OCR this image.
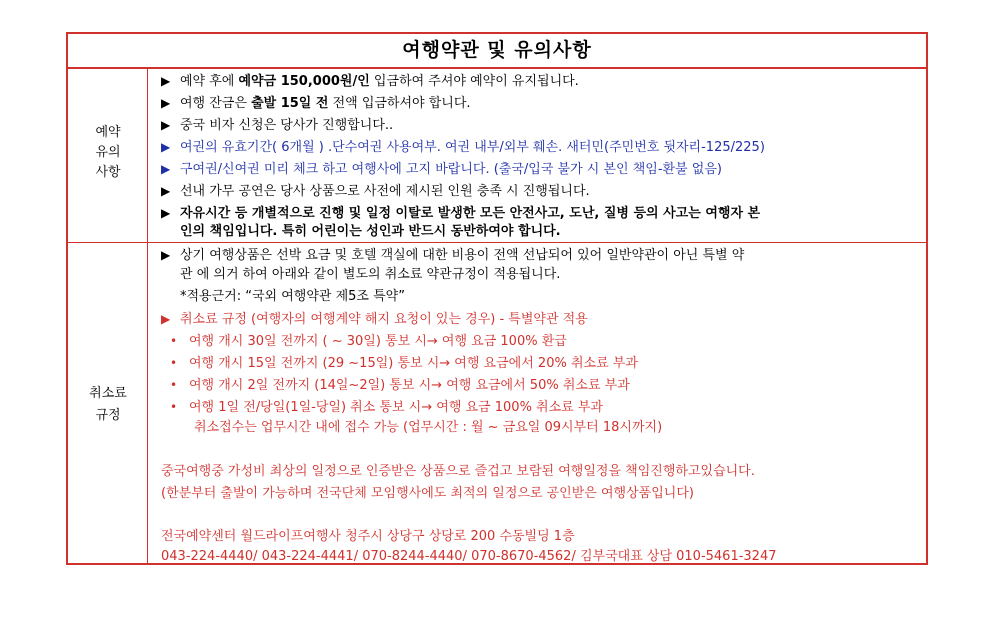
여행약관 및 유의사항
예약
유의
사항
▶ 예약 후에 예약금 150,000원/인 입금하여 주셔야 예약이 유지됩니다.
▶ 여행 잔금은 출발 15일 전 전액 입금하셔야 합니다.
▶ 중국 비자 신청은 당사가 진행합니다..
▶ 여권의 유효기간( 6개월 ) .단수여권 사용여부. 여권 내부/외부 훼손. 새터민(주민번호 뒷자리-125/225)
▶ 구여권/신여권 미리 체크 하고 여행사에 고지 바랍니다. (출국/입국 불가 시 본인 책임-환불 없음)
▶ 선내 가무 공연은 당사 상품으로 사전에 제시된 인원 충족 시 진행됩니다.
▶ 자유시간 등 개별적으로 진행 및 일정 이탈로 발생한 모든 안전사고, 도난, 질병 등의 사고는 여행자 본
인의 책임입니다. 특히 어린이는 성인과 반드시 동반하여야 합니다.
취소료
규정
▶ 상기 여행상품은 선박 요금 및 호텔 객실에 대한 비용이 전액 선납되어 있어 일반약관이 아닌 특별 약
관 에 의거 하여 아래와 같이 별도의 취소료 약관규정이 적용됩니다.
*적용근거: “국외 여행약관 제5조 특약”
▶ 취소료 규정 (여행자의 여행계약 해지 요청이 있는 경우) - 특별약관 적용
• 여행 개시 30일 전까지 ( ~ 30일) 통보 시→ 여행 요금 100% 환급
• 여행 개시 15일 전까지 (29 ~15일) 통보 시→ 여행 요금에서 20% 취소료 부과
• 여행 개시 2일 전까지 (14일~2일) 통보 시→ 여행 요금에서 50% 취소료 부과
• 여행 1일 전/당일(1일-당일) 취소 통보 시→ 여행 요금 100% 취소료 부과
취소접수는 업무시간 내에 접수 가능 (업무시간 : 월 ~ 금요일 09시부터 18시까지)
중국여행중 가성비 최상의 일정으로 인증받은 상품으로 즐겁고 보람된 여행일정을 책임진행하고있습니다.
(한분부터 출발이 가능하며 전국단체 모임행사에도 최적의 일정으로 공인받은 여행상품입니다)
전국예약센터 월드라이프여행사 청주시 상당구 상당로 200 수동빌딩 1층
043-224-4440/ 043-224-4441/ 070-8244-4440/ 070-8670-4562/ 김부국대표 상담 010-5461-3247
